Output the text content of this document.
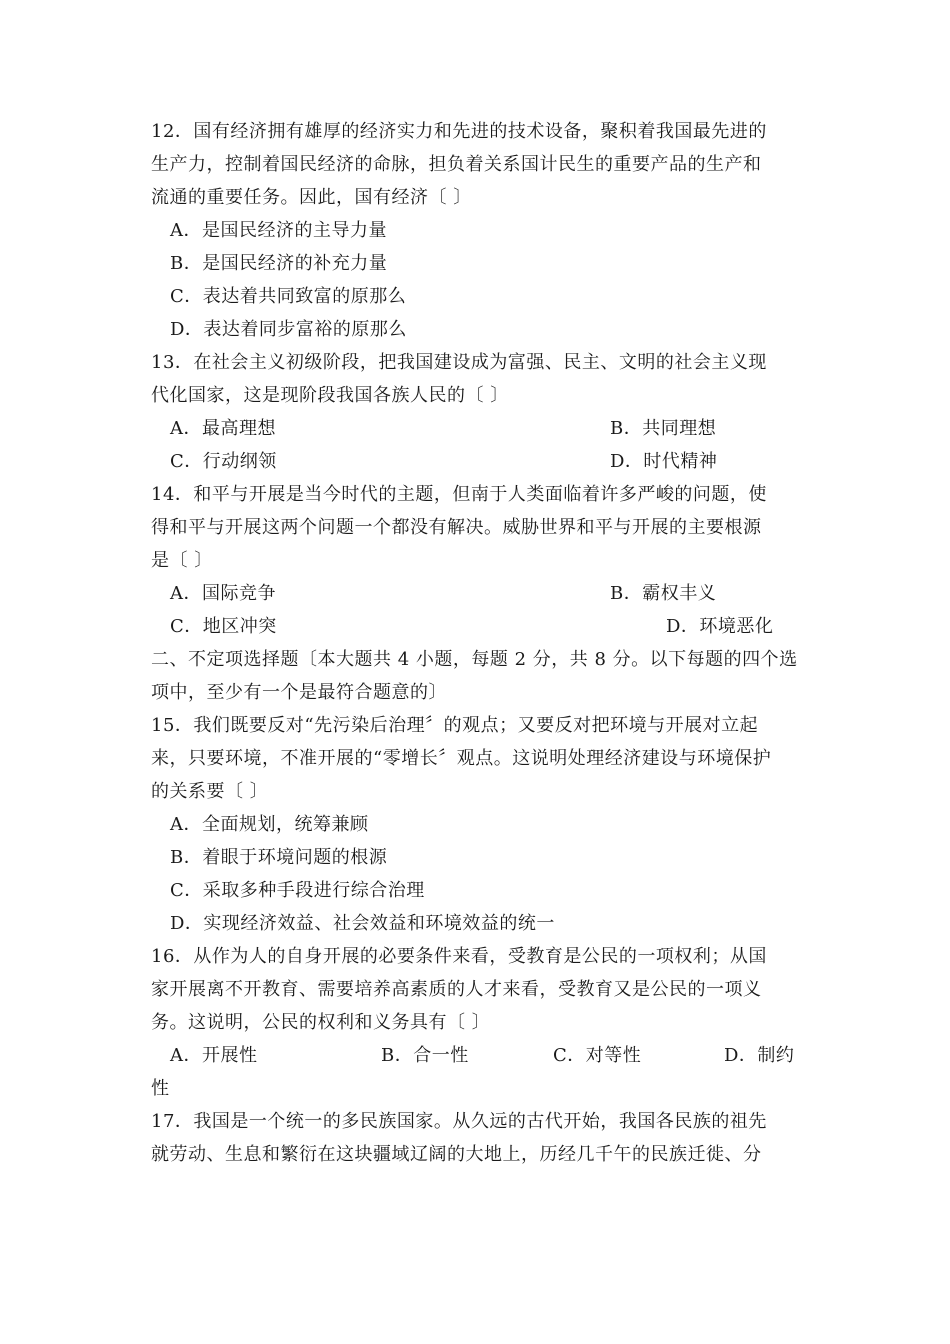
12．国有经济拥有雄厚的经济实力和先进的技术设备，聚积着我国最先进的
生产力，控制着国民经济的命脉，担负着关系国计民生的重要产品的生产和
流通的重要任务。因此，国有经济〔 〕
A．是国民经济的主导力量
B．是国民经济的补充力量
C．表达着共同致富的原那么
D．表达着同步富裕的原那么
13．在社会主义初级阶段，把我国建设成为富强、民主、文明的社会主义现
代化国家，这是现阶段我国各族人民的〔 〕
A．最高理想	B．共同理想
C．行动纲领	D．时代精神
14．和平与开展是当今时代的主题，但南于人类面临着许多严峻的问题，使
得和平与开展这两个问题一个都没有解决。威胁世界和平与开展的主要根源
是〔 〕
A．国际竞争	B．霸权丰义
C．地区冲突	D．环境恶化
二、不定项选择题〔本大题共 4 小题，每题 2 分，共 8 分。以下每题的四个选
项中，至少有一个是最符合题意的〕
15．我们既要反对“先污染后治理〞的观点；又要反对把环境与开展对立起
来，只要环境，不准开展的“零增长〞观点。这说明处理经济建设与环境保护
的关系要〔 〕
A．全面规划，统筹兼顾
B．着眼于环境问题的根源
C．采取多种手段进行综合治理
D．实现经济效益、社会效益和环境效益的统一
16．从作为人的自身开展的必要条件来看，受教育是公民的一项权利；从国
家开展离不开教育、需要培养高素质的人才来看，受教育又是公民的一项义
务。这说明，公民的权利和义务具有〔 〕
A．开展性	B．合一性	C．对等性	D．制约
性
17．我国是一个统一的多民族国家。从久远的古代开始，我国各民族的祖先
就劳动、生息和繁衍在这块疆域辽阔的大地上，历经几千午的民族迁徙、分
